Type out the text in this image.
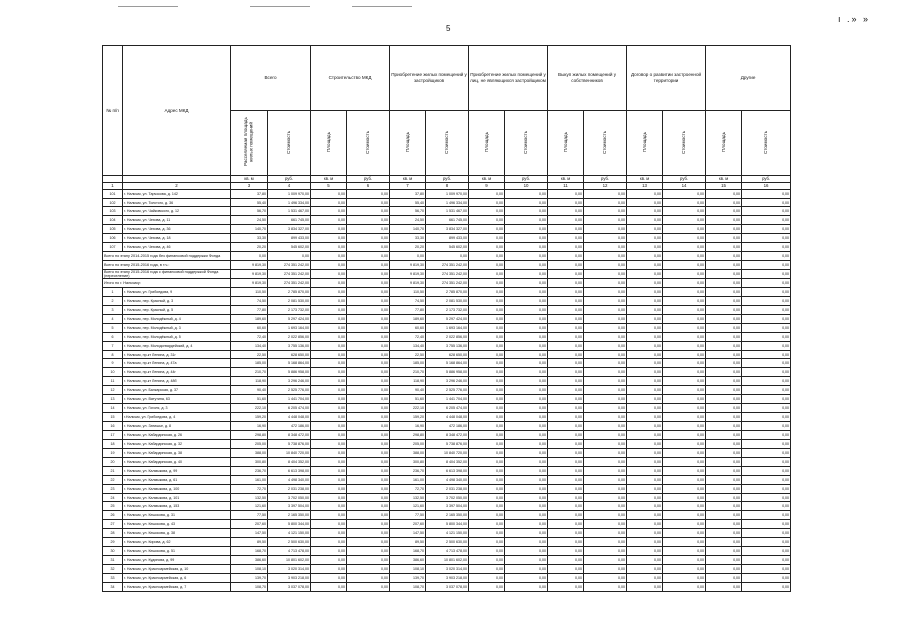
5
ı .» »
№ п/п	Адрес МКД	Всего		Строительство МКД		Приобретение жилых помещений у застройщиков		Приобретение жилых помещений у лиц, не являющихся застройщиком		Выкуп жилых помещений у собственников		Договор о развитии застроенной территории		Другие	
		Расселяемая площадь жилых помещений	Стоимость	Площадь	Стоимость	Площадь	Стоимость	Площадь	Стоимость	Площадь	Стоимость	Площадь	Стоимость	Площадь	Стоимость
		кв. м	руб.	кв. м	руб.	кв. м	руб.	кв. м	руб.	кв. м	руб.	кв. м	руб.	кв. м	руб.
1	2	3	4	5	6	7	8	9	10	11	12	13	14	15	16
101	г. Нальчик, ул. Тарчокова, д. 142	37,80	1 009 970,00	0,00	0,00	37,80	1 009 970,00	0,00	0,00	0,00	0,00	0,00	0,00	0,00	0,00
102	г. Нальчик, ул. Толстого, д. 36	55,40	1 496 334,00	0,00	0,00	55,40	1 496 334,00	0,00	0,00	0,00	0,00	0,00	0,00	0,00	0,00
103	г. Нальчик, ул. Чайковского, д. 12	56,70	1 531 467,00	0,00	0,00	56,70	1 531 467,00	0,00	0,00	0,00	0,00	0,00	0,00	0,00	0,00
104	г. Нальчик, ул. Чехова, д. 11	24,50	661 745,00	0,00	0,00	24,50	661 745,00	0,00	0,00	0,00	0,00	0,00	0,00	0,00	0,00
105	г. Нальчик, ул. Чехова, д. 36	140,70	3 834 327,00	0,00	0,00	140,70	3 834 327,00	0,00	0,00	0,00	0,00	0,00	0,00	0,00	0,00
106	г. Нальчик, ул. Чехова, д. 18	33,30	899 433,00	0,00	0,00	33,30	899 433,00	0,00	0,00	0,00	0,00	0,00	0,00	0,00	0,00
107	г. Нальчик, ул. Чехова, д. 46	20,20	545 602,00	0,00	0,00	20,20	545 602,00	0,00	0,00	0,00	0,00	0,00	0,00	0,00	0,00
Всего по этапу 2014-2015 года без финансовой поддержки Фонда		0,00	0,00	0,00	0,00	0,00	0,00	0,00	0,00	0,00	0,00	0,00	0,00	0,00	0,00
Всего по этапу 2015-2016 года, в т.ч.:		9 819,30	274 351 242,00	0,00	0,00	9 819,30	274 351 242,00	0,00	0,00	0,00	0,00	0,00	0,00	0,00	0,00
Всего по этапу 2015-2016 года с финансовой поддержкой Фонда (переселение)		9 819,30	274 351 242,00	0,00	0,00	9 819,30	274 351 242,00	0,00	0,00	0,00	0,00	0,00	0,00	0,00	0,00
Итого по г. Нальчику:		9 819,30	274 351 242,00	0,00	0,00	9 819,30	274 351 242,00	0,00	0,00	0,00	0,00	0,00	0,00	0,00	0,00
1	г. Нальчик, ул. Грибоедова, 9	110,50	2 785 870,00	0,00	0,00	110,50	2 785 870,00	0,00	0,00	0,00	0,00	0,00	0,00	0,00	0,00
2	г. Нальчик, пер. Красный, д. 3	74,50	2 081 530,00	0,00	0,00	74,50	2 081 530,00	0,00	0,00	0,00	0,00	0,00	0,00	0,00	0,00
3	г. Нальчик, пер. Красный, д. 5	77,80	2 173 732,00	0,00	0,00	77,80	2 173 732,00	0,00	0,00	0,00	0,00	0,00	0,00	0,00	0,00
4	г. Нальчик, пер. Молодёжный, д. 4	189,60	5 297 424,00	0,00	0,00	189,60	5 297 424,00	0,00	0,00	0,00	0,00	0,00	0,00	0,00	0,00
5	г. Нальчик, пер. Молодёжный, д. 3	60,60	1 693 164,00	0,00	0,00	60,60	1 693 164,00	0,00	0,00	0,00	0,00	0,00	0,00	0,00	0,00
6	г. Нальчик, пер. Молодёжный, д. 5	72,40	2 022 856,00	0,00	0,00	72,40	2 022 856,00	0,00	0,00	0,00	0,00	0,00	0,00	0,00	0,00
7	г. Нальчик, пер. Молодогвардейский, д. 4	134,40	3 755 136,00	0,00	0,00	134,40	3 755 136,00	0,00	0,00	0,00	0,00	0,00	0,00	0,00	0,00
8	г. Нальчик, пр-кт Ленина, д. 31г	22,50	628 650,00	0,00	0,00	22,50	628 650,00	0,00	0,00	0,00	0,00	0,00	0,00	0,00	0,00
9	г. Нальчик, пр-кт Ленина, д. 47а	185,00	5 168 864,00	0,00	0,00	185,00	5 168 864,00	0,00	0,00	0,00	0,00	0,00	0,00	0,00	0,00
10	г. Нальчик, пр-кт Ленина, д. 44г	210,70	5 886 958,00	0,00	0,00	210,70	5 886 958,00	0,00	0,00	0,00	0,00	0,00	0,00	0,00	0,00
11	г. Нальчик, пр-кт Ленина, д. 48б	118,90	3 296 246,00	0,00	0,00	118,90	3 296 246,00	0,00	0,00	0,00	0,00	0,00	0,00	0,00	0,00
12	г. Нальчик, ул. Балкарская, д. 37	90,40	2 525 776,00	0,00	0,00	90,40	2 525 776,00	0,00	0,00	0,00	0,00	0,00	0,00	0,00	0,00
13	г. Нальчик, ул. Ватутина, 63	51,60	1 441 704,00	0,00	0,00	51,60	1 441 704,00	0,00	0,00	0,00	0,00	0,00	0,00	0,00	0,00
14	г. Нальчик, ул. Гоголя, д. 3	222,10	6 205 474,00	0,00	0,00	222,10	6 205 474,00	0,00	0,00	0,00	0,00	0,00	0,00	0,00	0,00
15	г.Нальчик, ул. Грибоедова, д. 4	159,20	4 448 048,00	0,00	0,00	159,20	4 448 048,00	0,00	0,00	0,00	0,00	0,00	0,00	0,00	0,00
16	г. Нальчик, ул. Затишье, д. 8	16,90	472 186,00	0,00	0,00	16,90	472 186,00	0,00	0,00	0,00	0,00	0,00	0,00	0,00	0,00
17	г. Нальчик, ул. Кабардинская, д. 26	298,80	8 348 472,00	0,00	0,00	298,80	8 348 472,00	0,00	0,00	0,00	0,00	0,00	0,00	0,00	0,00
18	г. Нальчик, ул. Кабардинская, д. 32	205,00	5 738 876,00	0,00	0,00	205,00	5 738 876,00	0,00	0,00	0,00	0,00	0,00	0,00	0,00	0,00
19	г. Нальчик, ул. Кабардинская, д. 38	388,00	10 840 720,00	0,00	0,00	388,00	10 840 720,00	0,00	0,00	0,00	0,00	0,00	0,00	0,00	0,00
20	г. Нальчик, ул. Кабардинская, д. 40	300,80	8 404 352,00	0,00	0,00	300,80	8 404 352,00	0,00	0,00	0,00	0,00	0,00	0,00	0,00	0,00
21	г. Нальчик, ул. Калмыкова, д. 99	236,70	6 613 398,00	0,00	0,00	236,70	6 613 398,00	0,00	0,00	0,00	0,00	0,00	0,00	0,00	0,00
22	г. Нальчик, ул. Калмыкова, д. 61	161,00	4 498 340,00	0,00	0,00	161,00	4 498 340,00	0,00	0,00	0,00	0,00	0,00	0,00	0,00	0,00
23	г. Нальчик, ул. Калмыкова, д. 100	72,70	2 031 238,00	0,00	0,00	72,70	2 031 238,00	0,00	0,00	0,00	0,00	0,00	0,00	0,00	0,00
24	г. Нальчик, ул. Калмыкова, д. 101	132,50	3 702 050,00	0,00	0,00	132,50	3 702 050,00	0,00	0,00	0,00	0,00	0,00	0,00	0,00	0,00
25	г. Нальчик, ул. Калмыкова, д. 153	121,60	3 397 504,00	0,00	0,00	121,60	3 397 504,00	0,00	0,00	0,00	0,00	0,00	0,00	0,00	0,00
26	г. Нальчик, ул. Кешокова, д. 31	77,50	2 165 350,00	0,00	0,00	77,50	2 165 350,00	0,00	0,00	0,00	0,00	0,00	0,00	0,00	0,00
27	г. Нальчик, ул. Кешокова, д. 43	207,60	5 800 344,00	0,00	0,00	207,60	5 800 344,00	0,00	0,00	0,00	0,00	0,00	0,00	0,00	0,00
28	г. Нальчик, ул. Кешокова, д. 38	147,50	4 121 150,00	0,00	0,00	147,50	4 121 150,00	0,00	0,00	0,00	0,00	0,00	0,00	0,00	0,00
29	г. Нальчик, ул. Кирова, д. 62	89,50	2 500 630,00	0,00	0,00	89,50	2 500 630,00	0,00	0,00	0,00	0,00	0,00	0,00	0,00	0,00
30	г. Нальчик, ул. Кешокова, д. 51	168,70	4 713 478,00	0,00	0,00	168,70	4 713 478,00	0,00	0,00	0,00	0,00	0,00	0,00	0,00	0,00
31	г. Нальчик, ул. Кудинова, д. 99	386,60	10 801 602,00	0,00	0,00	386,60	10 801 602,00	0,00	0,00	0,00	0,00	0,00	0,00	0,00	0,00
32	г. Нальчик, ул. Красноармейская, д. 10	108,10	3 020 314,00	0,00	0,00	108,10	3 020 314,00	0,00	0,00	0,00	0,00	0,00	0,00	0,00	0,00
33	г. Нальчик, ул. Красноармейская, д. 6	139,70	3 903 218,00	0,00	0,00	139,70	3 903 218,00	0,00	0,00	0,00	0,00	0,00	0,00	0,00	0,00
34	г. Нальчик, ул. Красноармейская, д. 7	108,70	3 037 078,00	0,00	0,00	108,70	3 037 078,00	0,00	0,00	0,00	0,00	0,00	0,00	0,00	0,00
